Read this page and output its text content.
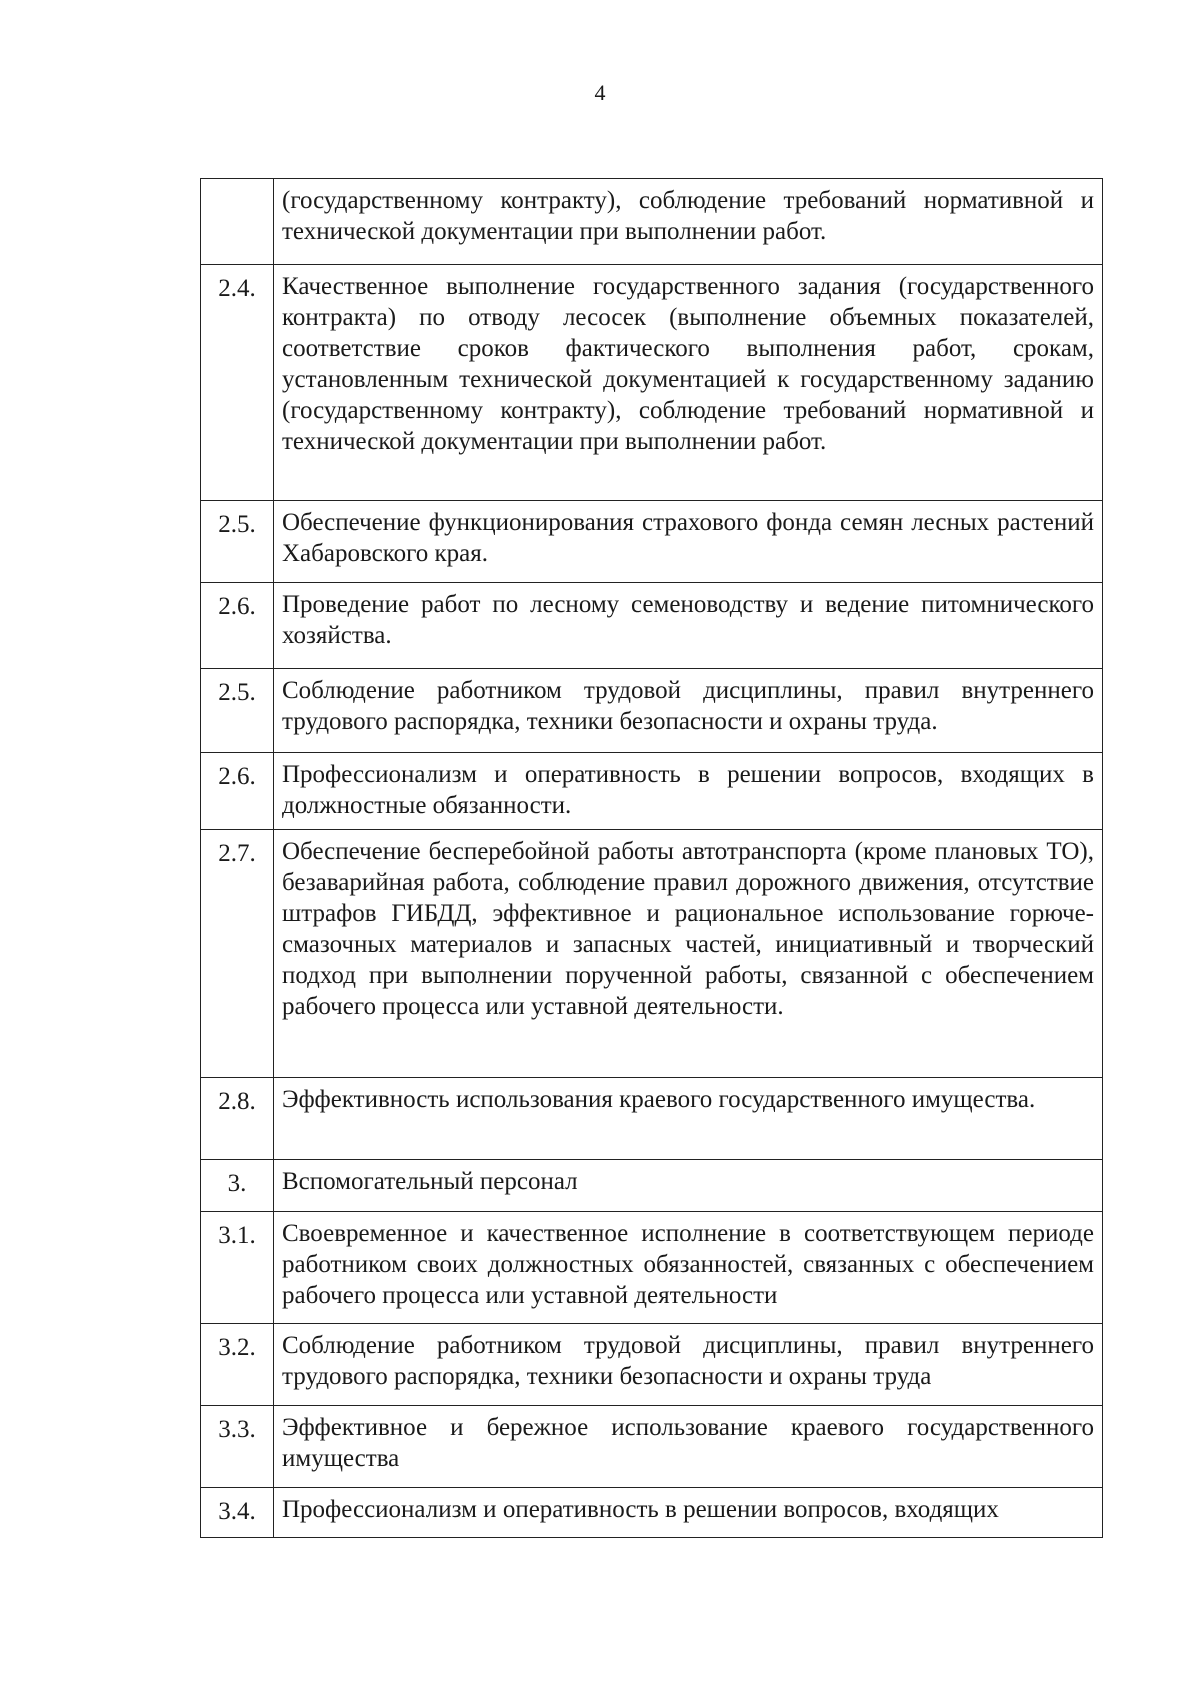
4
	(государственному контракту), соблюдение требований нормативной и технической документации при выполнении работ.
2.4.	Качественное выполнение государственного задания (государственного контракта) по отводу лесосек (выполнение объемных показателей, соответствие сроков фактического выполнения работ, срокам, установленным технической документацией к государственному заданию (государственному контракту), соблюдение требований нормативной и технической документации при выполнении работ.
2.5.	Обеспечение функционирования страхового фонда семян лесных растений Хабаровского края.
2.6.	Проведение работ по лесному семеноводству и ведение питомнического хозяйства.
2.5.	Соблюдение работником трудовой дисциплины, правил внутреннего трудового распорядка, техники безопасности и охраны труда.
2.6.	Профессионализм и оперативность в решении вопросов, входящих в должностные обязанности.
2.7.	Обеспечение бесперебойной работы автотранспорта (кроме плановых ТО), безаварийная работа, соблюдение правил дорожного движения, отсутствие штрафов ГИБДД, эффективное и рациональное использование горюче-смазочных материалов и запасных частей, инициативный и творческий подход при выполнении порученной работы, связанной с обеспечением рабочего процесса или уставной деятельности.
2.8.	Эффективность использования краевого государственного имущества.
3.	Вспомогательный персонал
3.1.	Своевременное и качественное исполнение в соответствующем периоде работником своих должностных обязанностей, связанных с обеспечением рабочего процесса или уставной деятельности
3.2.	Соблюдение работником трудовой дисциплины, правил внутреннего трудового распорядка, техники безопасности и охраны труда
3.3.	Эффективное и бережное использование краевого государственного имущества
3.4.	Профессионализм и оперативность в решении вопросов, входящих
